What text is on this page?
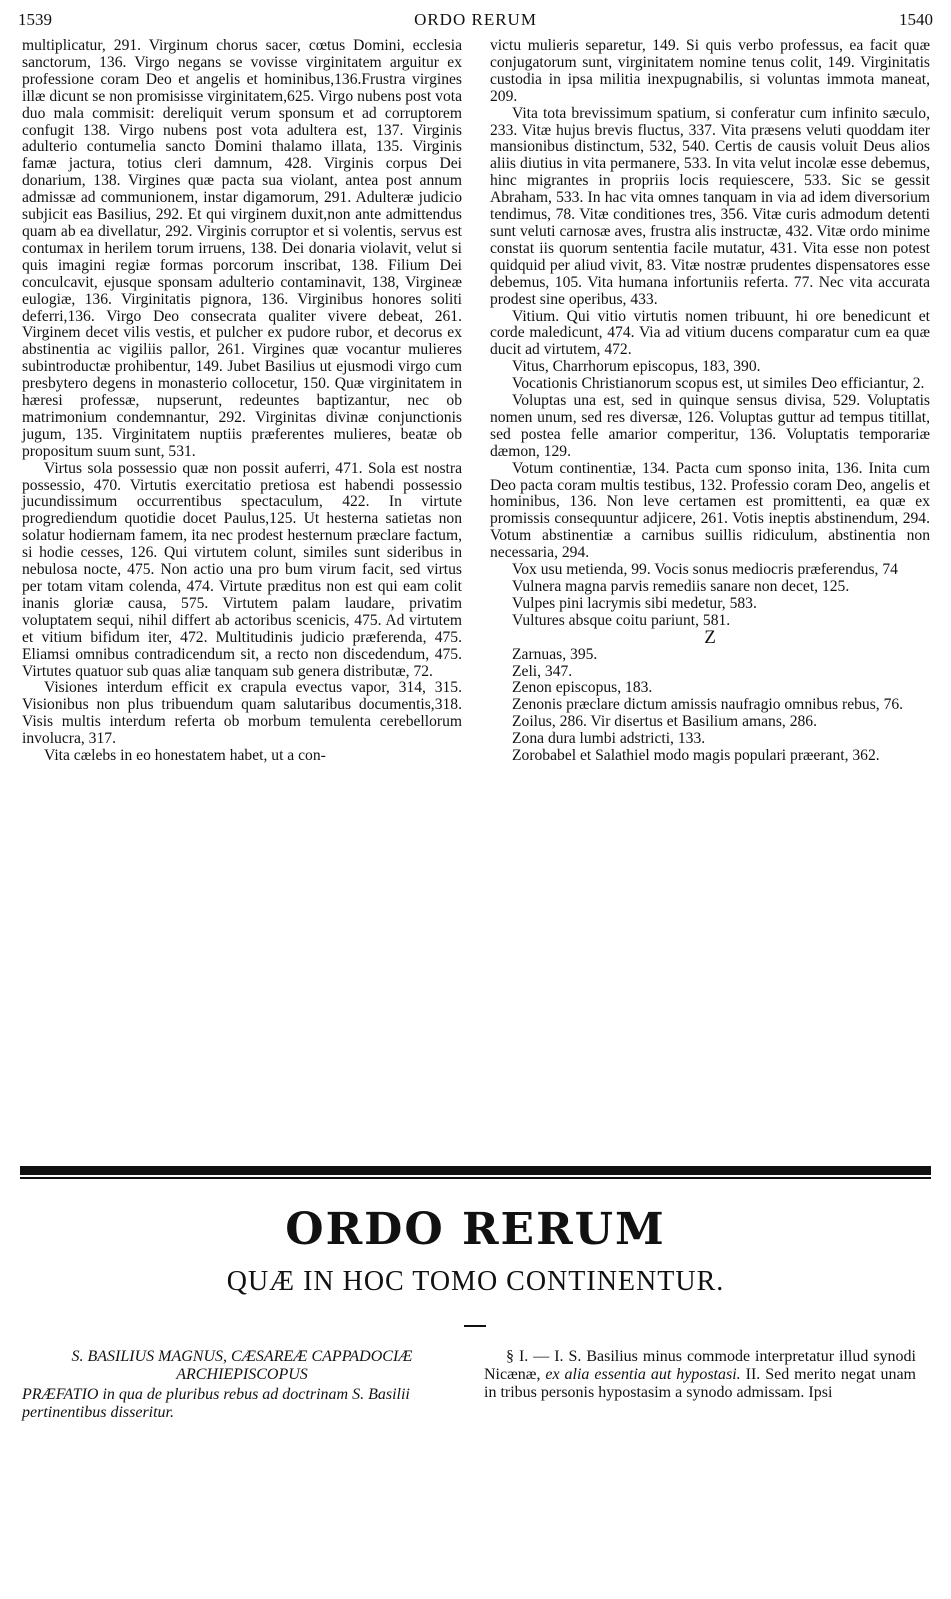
1539	ORDO RERUM	1540

multiplicatur, 291. Virginum chorus sacer, cœtus Domini, ecclesia sanctorum, 136. Virgo negans se vovisse virginitatem arguitur ex professione coram Deo et angelis et hominibus,136.Frustra virgines illæ dicunt se non promisisse virginitatem,625. Virgo nubens post vota duo mala commisit: dereliquit verum sponsum et ad corruptorem confugit 138. Virgo nubens post vota adultera est, 137. Virginis adulterio contumelia sancto Domini thalamo illata, 135. Virginis famæ jactura, totius cleri damnum, 428. Virginis corpus Dei donarium, 138. Virgines quæ pacta sua violant, antea post annum admissæ ad communionem, instar digamorum, 291. Adulteræ judicio subjicit eas Basilius, 292. Et qui virginem duxit,non ante admittendus quam ab ea divellatur, 292. Virginis corruptor et si volentis, servus est contumax in herilem torum irruens, 138. Dei donaria violavit, velut si quis imagini regiæ formas porcorum inscribat, 138. Filium Dei conculcavit, ejusque sponsam adulterio contaminavit, 138, Virgineæ eulogiæ, 136. Virginitatis pignora, 136. Virginibus honores soliti deferri,136. Virgo Deo consecrata qualiter vivere debeat, 261. Virginem decet vilis vestis, et pulcher ex pudore rubor, et decorus ex abstinentia ac vigiliis pallor, 261. Virgines quæ vocantur mulieres subintroductæ prohibentur, 149. Jubet Basilius ut ejusmodi virgo cum presbytero degens in monasterio collocetur, 150. Quæ virginitatem in hæresi professæ, nupserunt, redeuntes baptizantur, nec ob matrimonium condemnantur, 292. Virginitas divinæ conjunctionis jugum, 135. Virginitatem nuptiis præferentes mulieres, beatæ ob propositum suum sunt, 531.

Virtus sola possessio quæ non possit auferri, 471. Sola est nostra possessio, 470. Virtutis exercitatio pretiosa est habendi possessio jucundissimum occurrentibus spectaculum, 422. In virtute progrediendum quotidie docet Paulus,125. Ut hesterna satietas non solatur hodiernam famem, ita nec prodest hesternum præclare factum, si hodie cesses, 126. Qui virtutem colunt, similes sunt sideribus in nebulosa nocte, 475. Non actio una pro bum virum facit, sed virtus per totam vitam colenda, 474. Virtute præditus non est qui eam colit inanis gloriæ causa, 575. Virtutem palam laudare, privatim voluptatem sequi, nihil differt ab actoribus scenicis, 475. Ad virtutem et vitium bifidum iter, 472. Multitudinis judicio præferenda, 475. Eliamsi omnibus contradicendum sit, a recto non discedendum, 475. Virtutes quatuor sub quas aliæ tanquam sub genera distributæ, 72.

Visiones interdum efficit ex crapula evectus vapor, 314, 315. Visionibus non plus tribuendum quam salutaribus documentis,318. Visis multis interdum referta ob morbum temulenta cerebellorum involucra, 317.

Vita cælebs in eo honestatem habet, ut a con-

victu mulieris separetur, 149. Si quis verbo professus, ea facit quæ conjugatorum sunt, virginitatem nomine tenus colit, 149. Virginitatis custodia in ipsa militia inexpugnabilis, si voluntas immota maneat, 209.

Vita tota brevissimum spatium, si conferatur cum infinito sæculo, 233. Vitæ hujus brevis fluctus, 337. Vita præsens veluti quoddam iter mansionibus distinctum, 532, 540. Certis de causis voluit Deus alios aliis diutius in vita permanere, 533. In vita velut incolæ esse debemus, hinc migrantes in propriis locis requiescere, 533. Sic se gessit Abraham, 533. In hac vita omnes tanquam in via ad idem diversorium tendimus, 78. Vitæ conditiones tres, 356. Vitæ curis admodum detenti sunt veluti carnosæ aves, frustra alis instructæ, 432. Vitæ ordo minime constat iis quorum sententia facile mutatur, 431. Vita esse non potest quidquid per aliud vivit, 83. Vitæ nostræ prudentes dispensatores esse debemus, 105. Vita humana infortuniis referta. 77. Nec vita accurata prodest sine operibus, 433.

Vitium. Qui vitio virtutis nomen tribuunt, hi ore benedicunt et corde maledicunt, 474. Via ad vitium ducens comparatur cum ea quæ ducit ad virtutem, 472.

Vitus, Charrhorum episcopus, 183, 390.

Vocationis Christianorum scopus est, ut similes Deo efficiantur, 2.

Voluptas una est, sed in quinque sensus divisa, 529. Voluptatis nomen unum, sed res diversæ, 126. Voluptas guttur ad tempus titillat, sed postea felle amarior comperitur, 136. Voluptatis temporariæ dæmon, 129.

Votum continentiæ, 134. Pacta cum sponso inita, 136. Inita cum Deo pacta coram multis testibus, 132. Professio coram Deo, angelis et hominibus, 136. Non leve certamen est promittenti, ea quæ ex promissis consequuntur adjicere, 261. Votis ineptis abstinendum, 294. Votum abstinentiæ a carnibus suillis ridiculum, abstinentia non necessaria, 294.

Vox usu metienda, 99. Vocis sonus mediocris præferendus, 74

Vulnera magna parvis remediis sanare non decet, 125.

Vulpes pini lacrymis sibi medetur, 583.

Vultures absque coitu pariunt, 581.

Z

Zarnuas, 395.

Zeli, 347.

Zenon episcopus, 183.

Zenonis præclare dictum amissis naufragio omnibus rebus, 76.

Zoilus, 286. Vir disertus et Basilium amans, 286.

Zona dura lumbi adstricti, 133.

Zorobabel et Salathiel modo magis populari præerant, 362.

ORDO RERUM
QUÆ IN HOC TOMO CONTINENTUR.
S. BASILIUS MAGNUS, CÆSAREÆ CAPPADOCIÆ ARCHIEPISCOPUS
PRÆFATIO in qua de pluribus rebus ad doctrinam S. Basilii pertinentibus disseritur.

§ I. — I. S. Basilius minus commode interpretatur illud synodi Nicænæ, ex alia essentia aut hypostasi. II. Sed merito negat unam in tribus personis hypostasim a synodo admissam. Ipsi
